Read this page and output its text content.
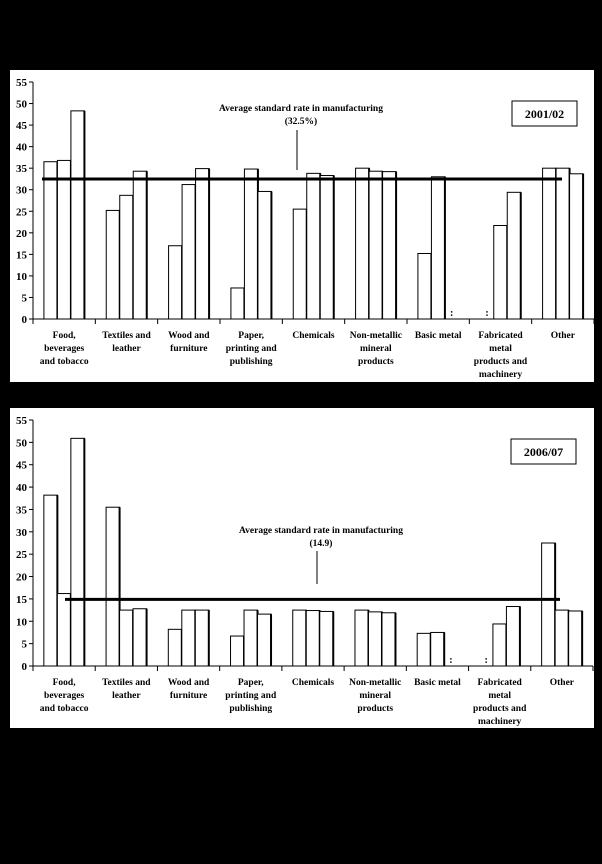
0
5
10
15
20
25
30
35
40
45
50
55
:	:
Average standard rate in manufacturing
(32.5%)
2001/02
Food,
beverages
and tobacco
Textiles and
leather
Wood and
furniture
Paper,
printing and
publishing
Chemicals Non-metallic
mineral
products
Basic metal Fabricated
metal
products and
machinery
Other
0
5
10
15
20
25
30
35
40
45
50
55
:	:
Average standard rate in manufacturing
(14.9)
2006/07
Food,
beverages
and tobacco
Textiles and
leather
Wood and
furniture
Paper,
printing and
publishing
Chemicals Non-metallic
mineral
products
Basic metal Fabricated
metal
products and
machinery
Other
